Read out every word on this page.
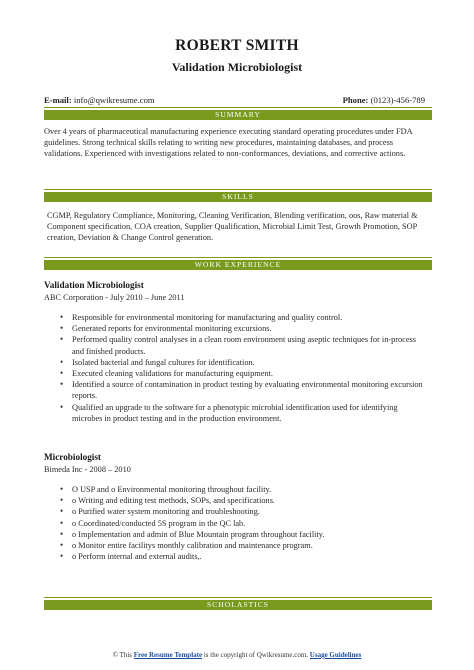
ROBERT SMITH
Validation Microbiologist
E-mail: info@qwikresume.com	Phone: (0123)-456-789
SUMMARY
Over 4 years of pharmaceutical manufacturing experience executing standard operating procedures under FDA guidelines. Strong technical skills relating to writing new procedures, maintaining databases, and process validations. Experienced with investigations related to non-conformances, deviations, and corrective actions.
SKILLS
CGMP, Regulatory Compliance, Monitoring, Cleaning Verification, Blending verification, oos, Raw material & Component specification, COA creation, Supplier Qualification, Microbial Limit Test, Growth Promotion, SOP creation, Deviation & Change Control generation.
WORK EXPERIENCE
Validation Microbiologist
ABC Corporation - July 2010 – June 2011
• Responsible for environmental monitoring for manufacturing and quality control.
• Generated reports for environmental monitoring excursions.
• Performed quality control analyses in a clean room environment using aseptic techniques for in-process and finished products.
• Isolated bacterial and fungal cultures for identification.
• Executed cleaning validations for manufacturing equipment.
• Identified a source of contamination in product testing by evaluating environmental monitoring excursion reports.
• Qualified an upgrade to the software for a phenotypic microbial identification used for identifying microbes in product testing and in the production environment.
Microbiologist
Bimeda Inc - 2008 – 2010
• O USP and o Environmental monitoring throughout facility.
• o Writing and editing test methods, SOPs, and specifications.
• o Purified water system monitoring and troubleshooting.
• o Coordinated/conducted 5S program in the QC lab.
• o Implementation and admin of Blue Mountain program throughout facility.
• o Monitor entire facilitys monthly calibration and maintenance program.
• o Perform internal and external audits,.
SCHOLASTICS
© This Free Resume Template is the copyright of Qwikresume.com. Usage Guidelines
